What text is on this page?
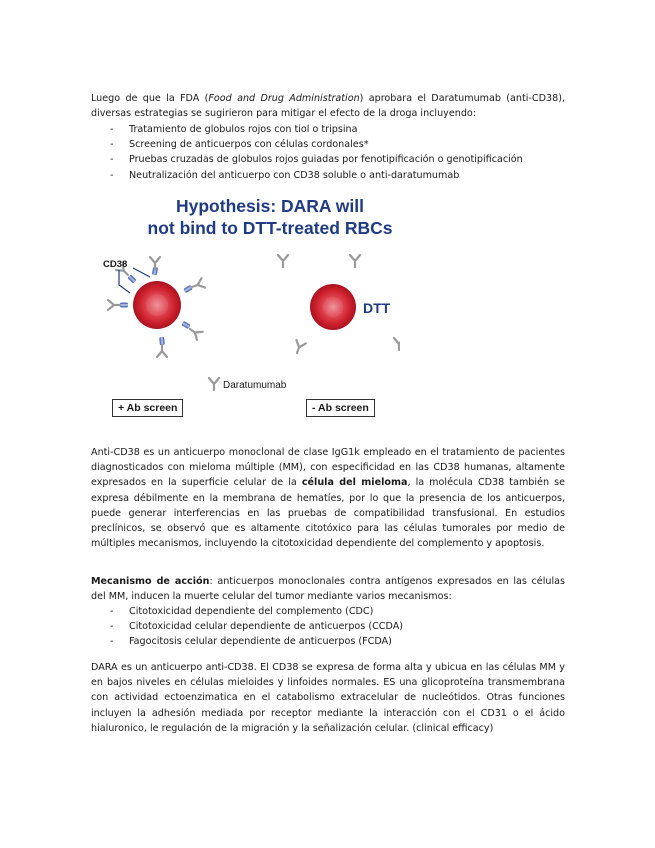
Luego de que la FDA (Food and Drug Administration) aprobara el Daratumumab (anti-CD38), diversas estrategias se sugirieron para mitigar el efecto de la droga incluyendo:
- Tratamiento de globulos rojos con tiol o tripsina
- Screening de anticuerpos con células cordonales*
- Pruebas cruzadas de globulos rojos guiadas por fenotipificación o genotipificación
- Neutralización del anticuerpo con CD38 soluble o anti-daratumumab
Hypothesis: DARA will
not bind to DTT-treated RBCs
CD38
DTT
Daratumumab
+ Ab screen	- Ab screen
Anti-CD38 es un anticuerpo monoclonal de clase IgG1k empleado en el tratamiento de pacientes diagnosticados con mieloma múltiple (MM), con especificidad en las CD38 humanas, altamente expresados en la superficie celular de la célula del mieloma, la molécula CD38 también se expresa débilmente en la membrana de hematíes, por lo que la presencia de los anticuerpos, puede generar interferencias en las pruebas de compatibilidad transfusional. En estudios preclínicos, se observó que es altamente citotóxico para las células tumorales por medio de múltiples mecanismos, incluyendo la citotoxicidad dependiente del complemento y apoptosis.
Mecanismo de acción: anticuerpos monoclonales contra antígenos expresados en las células del MM, inducen la muerte celular del tumor mediante varios mecanismos:
- Citotoxicidad dependiente del complemento (CDC)
- Citotoxicidad celular dependiente de anticuerpos (CCDA)
- Fagocitosis celular dependiente de anticuerpos (FCDA)
DARA es un anticuerpo anti-CD38. El CD38 se expresa de forma alta y ubicua en las células MM y en bajos niveles en células mieloides y linfoides normales. ES una glicoproteína transmembrana con actividad ectoenzimatica en el catabolismo extracelular de nucleótidos. Otras funciones incluyen la adhesión mediada por receptor mediante la interacción con el CD31 o el ácido hialuronico, le regulación de la migración y la señalización celular. (clinical efficacy)
